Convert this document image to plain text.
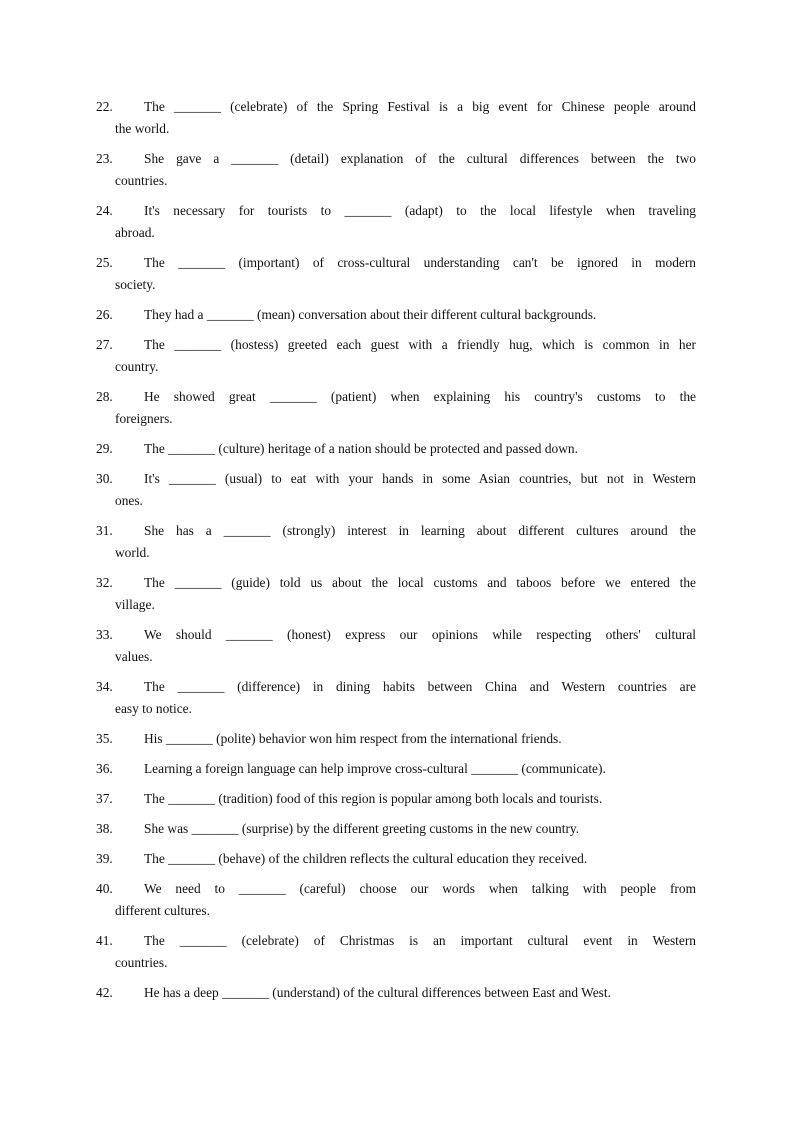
22.	The _______ (celebrate) of the Spring Festival is a big event for Chinese people around
the world.
23.	She gave a _______ (detail) explanation of the cultural differences between the two
countries.
24.	It's necessary for tourists to _______ (adapt) to the local lifestyle when traveling
abroad.
25.	The _______ (important) of cross-cultural understanding can't be ignored in modern
society.
26.	They had a _______ (mean) conversation about their different cultural backgrounds.
27.	The _______ (hostess) greeted each guest with a friendly hug, which is common in her
country.
28.	He showed great _______ (patient) when explaining his country's customs to the
foreigners.
29.	The _______ (culture) heritage of a nation should be protected and passed down.
30.	It's _______ (usual) to eat with your hands in some Asian countries, but not in Western
ones.
31.	She has a _______ (strongly) interest in learning about different cultures around the
world.
32.	The _______ (guide) told us about the local customs and taboos before we entered the
village.
33.	We should _______ (honest) express our opinions while respecting others' cultural
values.
34.	The _______ (difference) in dining habits between China and Western countries are
easy to notice.
35.	His _______ (polite) behavior won him respect from the international friends.
36.	Learning a foreign language can help improve cross-cultural _______ (communicate).
37.	The _______ (tradition) food of this region is popular among both locals and tourists.
38.	She was _______ (surprise) by the different greeting customs in the new country.
39.	The _______ (behave) of the children reflects the cultural education they received.
40.	We need to _______ (careful) choose our words when talking with people from
different cultures.
41.	The _______ (celebrate) of Christmas is an important cultural event in Western
countries.
42.	He has a deep _______ (understand) of the cultural differences between East and West.
